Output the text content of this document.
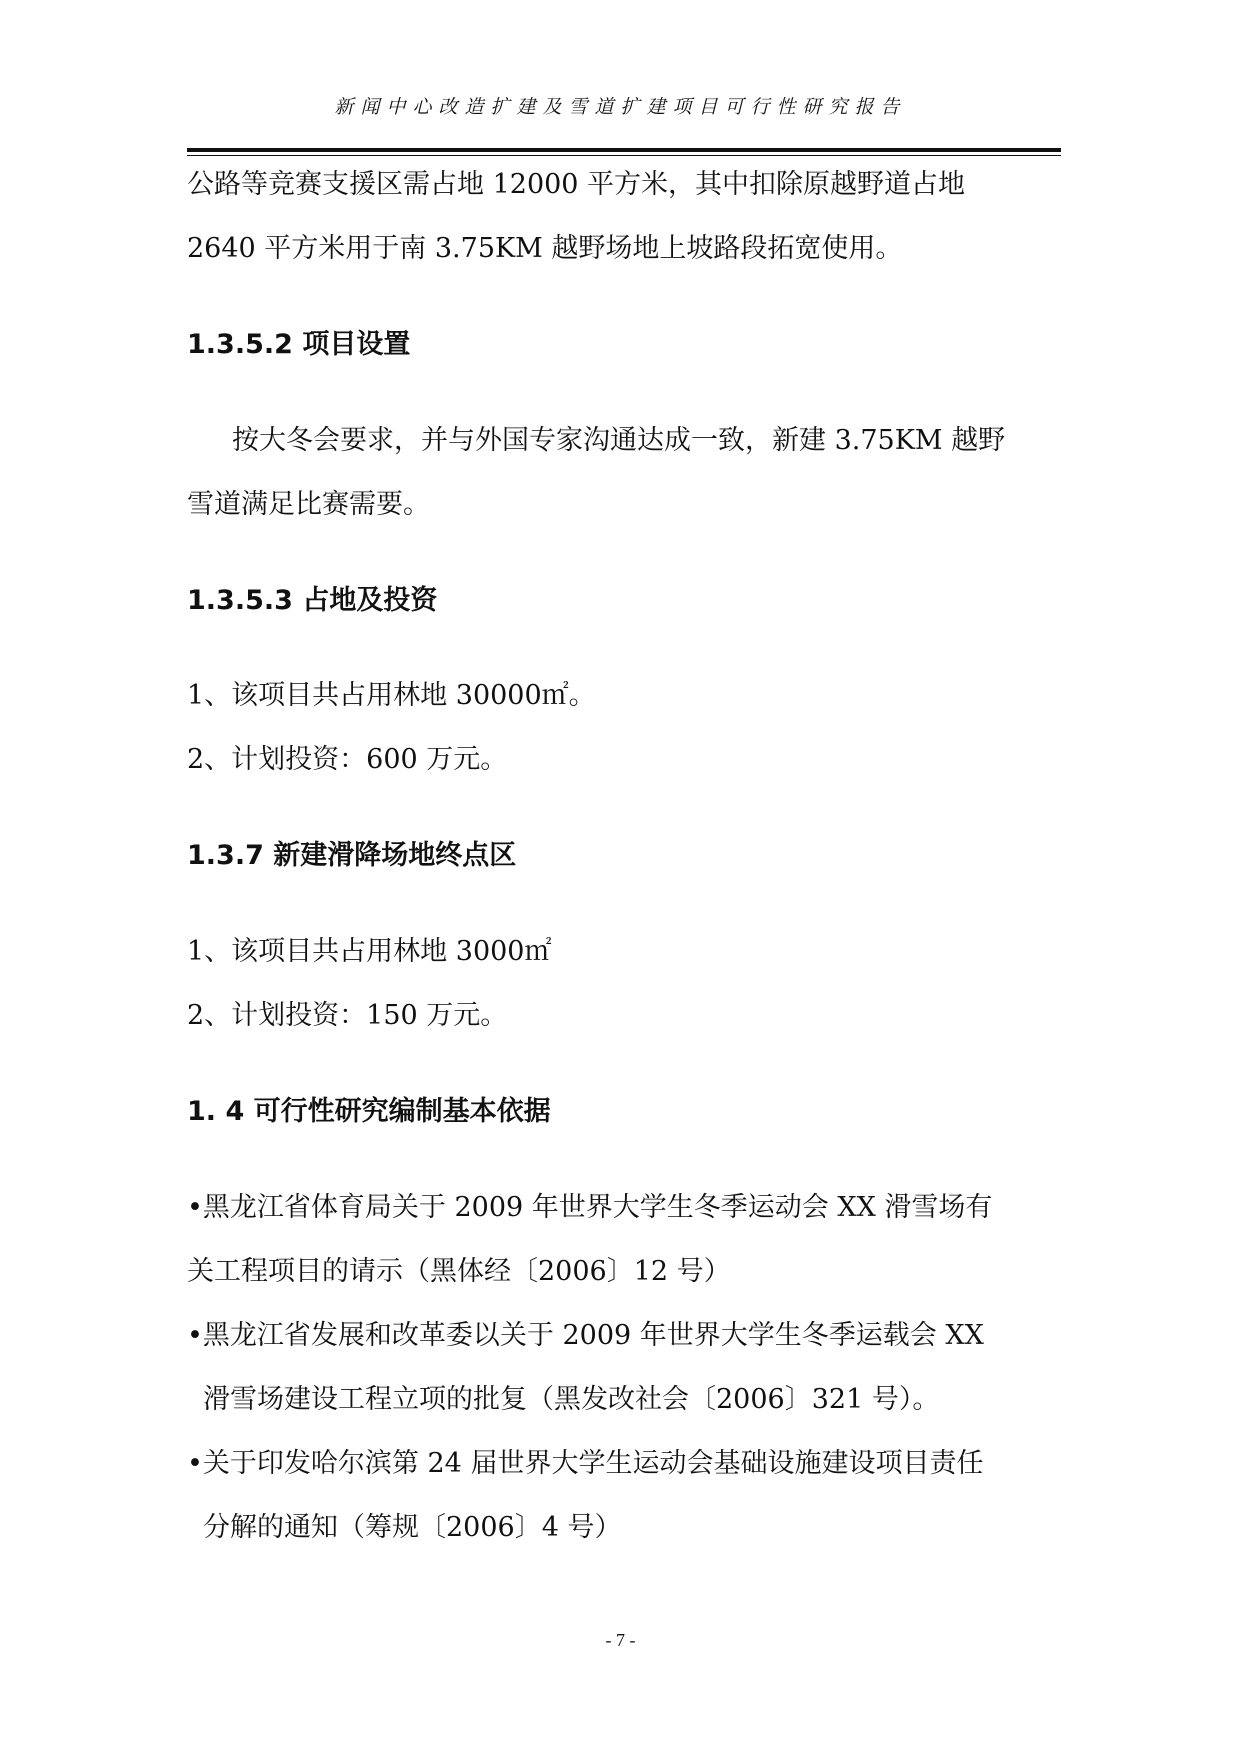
新闻中心改造扩建及雪道扩建项目可行性研究报告
公路等竞赛支援区需占地 12000 平方米，其中扣除原越野道占地
2640 平方米用于南 3.75KM 越野场地上坡路段拓宽使用。
1.3.5.2 项目设置
按大冬会要求，并与外国专家沟通达成一致，新建 3.75KM 越野
雪道满足比赛需要。
1.3.5.3 占地及投资
1、该项目共占用林地 30000㎡。
2、计划投资：600 万元。
1.3.7 新建滑降场地终点区
1、该项目共占用林地 3000㎡
2、计划投资：150 万元。
1. 4 可行性研究编制基本依据
•黑龙江省体育局关于 2009 年世界大学生冬季运动会 XX 滑雪场有
关工程项目的请示（黑体经〔2006〕12 号）
•黑龙江省发展和改革委以关于 2009 年世界大学生冬季运载会 XX
滑雪场建设工程立项的批复（黑发改社会〔2006〕321 号）。
•关于印发哈尔滨第 24 届世界大学生运动会基础设施建设项目责任
分解的通知（筹规〔2006〕4 号）
- 7 -
